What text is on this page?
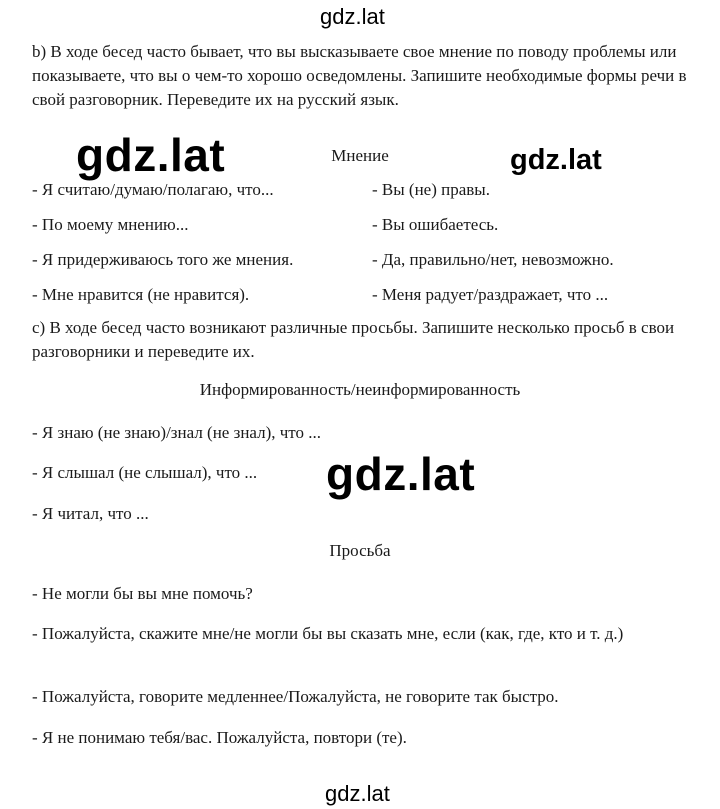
gdz.lat
gdz.lat	gdz.lat
gdz.lat
gdz.lat
b) В ходе бесед часто бывает, что вы высказываете свое мнение по поводу проблемы или показываете, что вы о чем-то хорошо осведомлены. Запишите необходимые формы речи в свой разговорник. Переведите их на русский язык.
Мнение
- Я считаю/думаю/полагаю, что...
- По моему мнению...
- Я придерживаюсь того же мнения.
- Мне нравится (не нравится).
- Вы (не) правы.
- Вы ошибаетесь.
- Да, правильно/нет, невозможно.
- Меня радует/раздражает, что ...
с) В ходе бесед часто возникают различные просьбы. Запишите несколько просьб в свои разговорники и переведите их.
Информированность/неинформированность
- Я знаю (не знаю)/знал (не знал), что ...
- Я слышал (не слышал), что ...
- Я читал, что ...
Просьба
- Не могли бы вы мне помочь?
- Пожалуйста, скажите мне/не могли бы вы сказать мне, если (как, где, кто и т. д.)
- Пожалуйста, говорите медленнее/Пожалуйста, не говорите так быстро.
- Я не понимаю тебя/вас. Пожалуйста, повтори (те).
